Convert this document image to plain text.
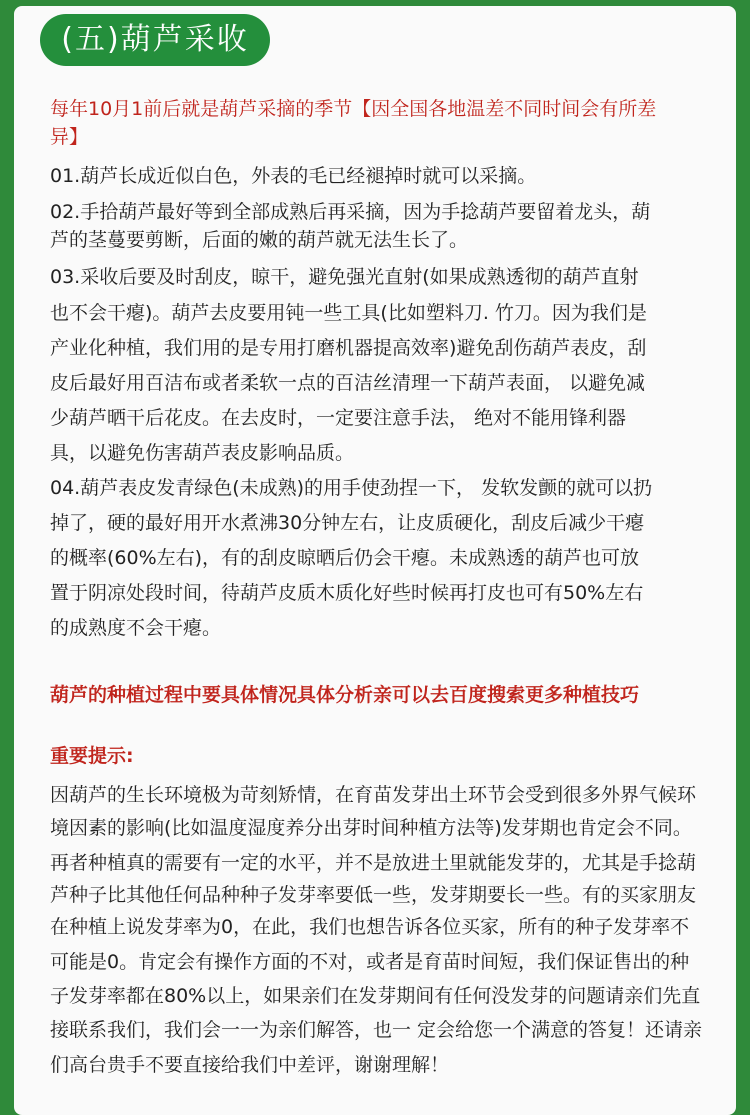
(五)葫芦采收
每年10月1前后就是葫芦采摘的季节【因全国各地温差不同时间会有所差
异】
01.葫芦长成近似白色，外表的毛已经褪掉时就可以采摘。
02.手拾葫芦最好等到全部成熟后再采摘，因为手捻葫芦要留着龙头，葫
芦的茎蔓要剪断，后面的嫩的葫芦就无法生长了。
03.采收后要及时刮皮，晾干，避免强光直射(如果成熟透彻的葫芦直射
也不会干瘪)。葫芦去皮要用钝一些工具(比如塑料刀. 竹刀。因为我们是
产业化种植，我们用的是专用打磨机器提高效率)避免刮伤葫芦表皮，刮
皮后最好用百洁布或者柔软一点的百洁丝清理一下葫芦表面， 以避免减
少葫芦晒干后花皮。在去皮时，一定要注意手法， 绝对不能用锋利器
具，以避免伤害葫芦表皮影响品质。
04.葫芦表皮发青绿色(未成熟)的用手使劲捏一下， 发软发颤的就可以扔
掉了，硬的最好用开水煮沸30分钟左右，让皮质硬化，刮皮后减少干瘪
的概率(60%左右)，有的刮皮晾晒后仍会干瘪。未成熟透的葫芦也可放
置于阴凉处段时间，待葫芦皮质木质化好些时候再打皮也可有50%左右
的成熟度不会干瘪。
葫芦的种植过程中要具体情况具体分析亲可以去百度搜索更多种植技巧
重要提示:
因葫芦的生长环境极为苛刻矫情，在育苗发芽出土环节会受到很多外界气候环
境因素的影响(比如温度湿度养分出芽时间种植方法等)发芽期也肯定会不同。
再者种植真的需要有一定的水平，并不是放进土里就能发芽的，尤其是手捻葫
芦种子比其他任何品种种子发芽率要低一些，发芽期要长一些。有的买家朋友
在种植上说发芽率为0，在此，我们也想告诉各位买家，所有的种子发芽率不
可能是0。肯定会有操作方面的不对，或者是育苗时间短，我们保证售出的种
子发芽率都在80%以上，如果亲们在发芽期间有任何没发芽的问题请亲们先直
接联系我们，我们会一一为亲们解答，也一 定会给您一个满意的答复！还请亲
们高台贵手不要直接给我们中差评，谢谢理解！
